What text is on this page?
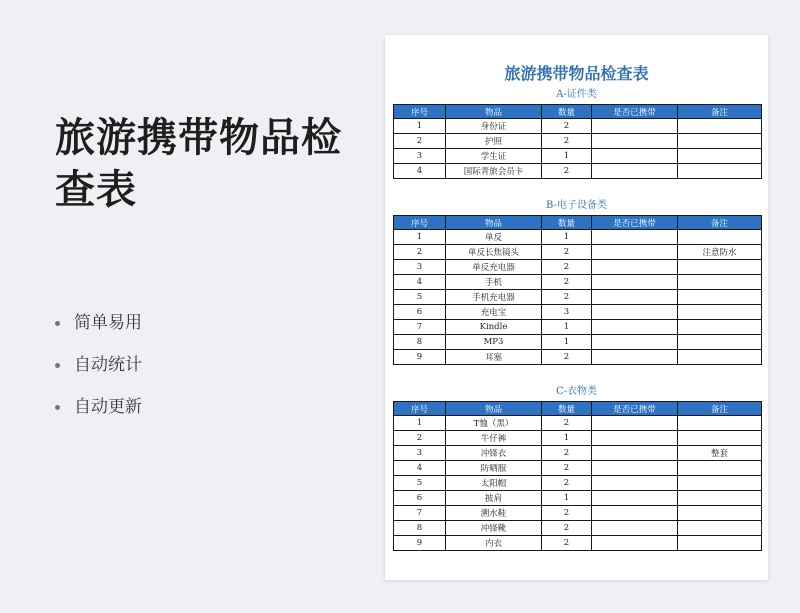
旅游携带物品检查表
简单易用
自动统计
自动更新
旅游携带物品检查表
A-证件类
序号	物品	数量	是否已携带	备注
1	身份证	2		
2	护照	2		
3	学生证	1		
4	国际青旅会员卡	2		
B-电子设备类
序号	物品	数量	是否已携带	备注
1	单反	1		
2	单反长焦镜头	2		注意防水
3	单反充电器	2		
4	手机	2		
5	手机充电器	2		
6	充电宝	3		
7	Kindle	1		
8	MP3	1		
9	耳塞	2		
C-衣物类
序号	物品	数量	是否已携带	备注
1	T恤（黑）	2		
2	牛仔裤	1		
3	冲锋衣	2		整套
4	防晒服	2		
5	太阳帽	2		
6	披肩	1		
7	溯水鞋	2		
8	冲锋靴	2		
9	内衣	2		
